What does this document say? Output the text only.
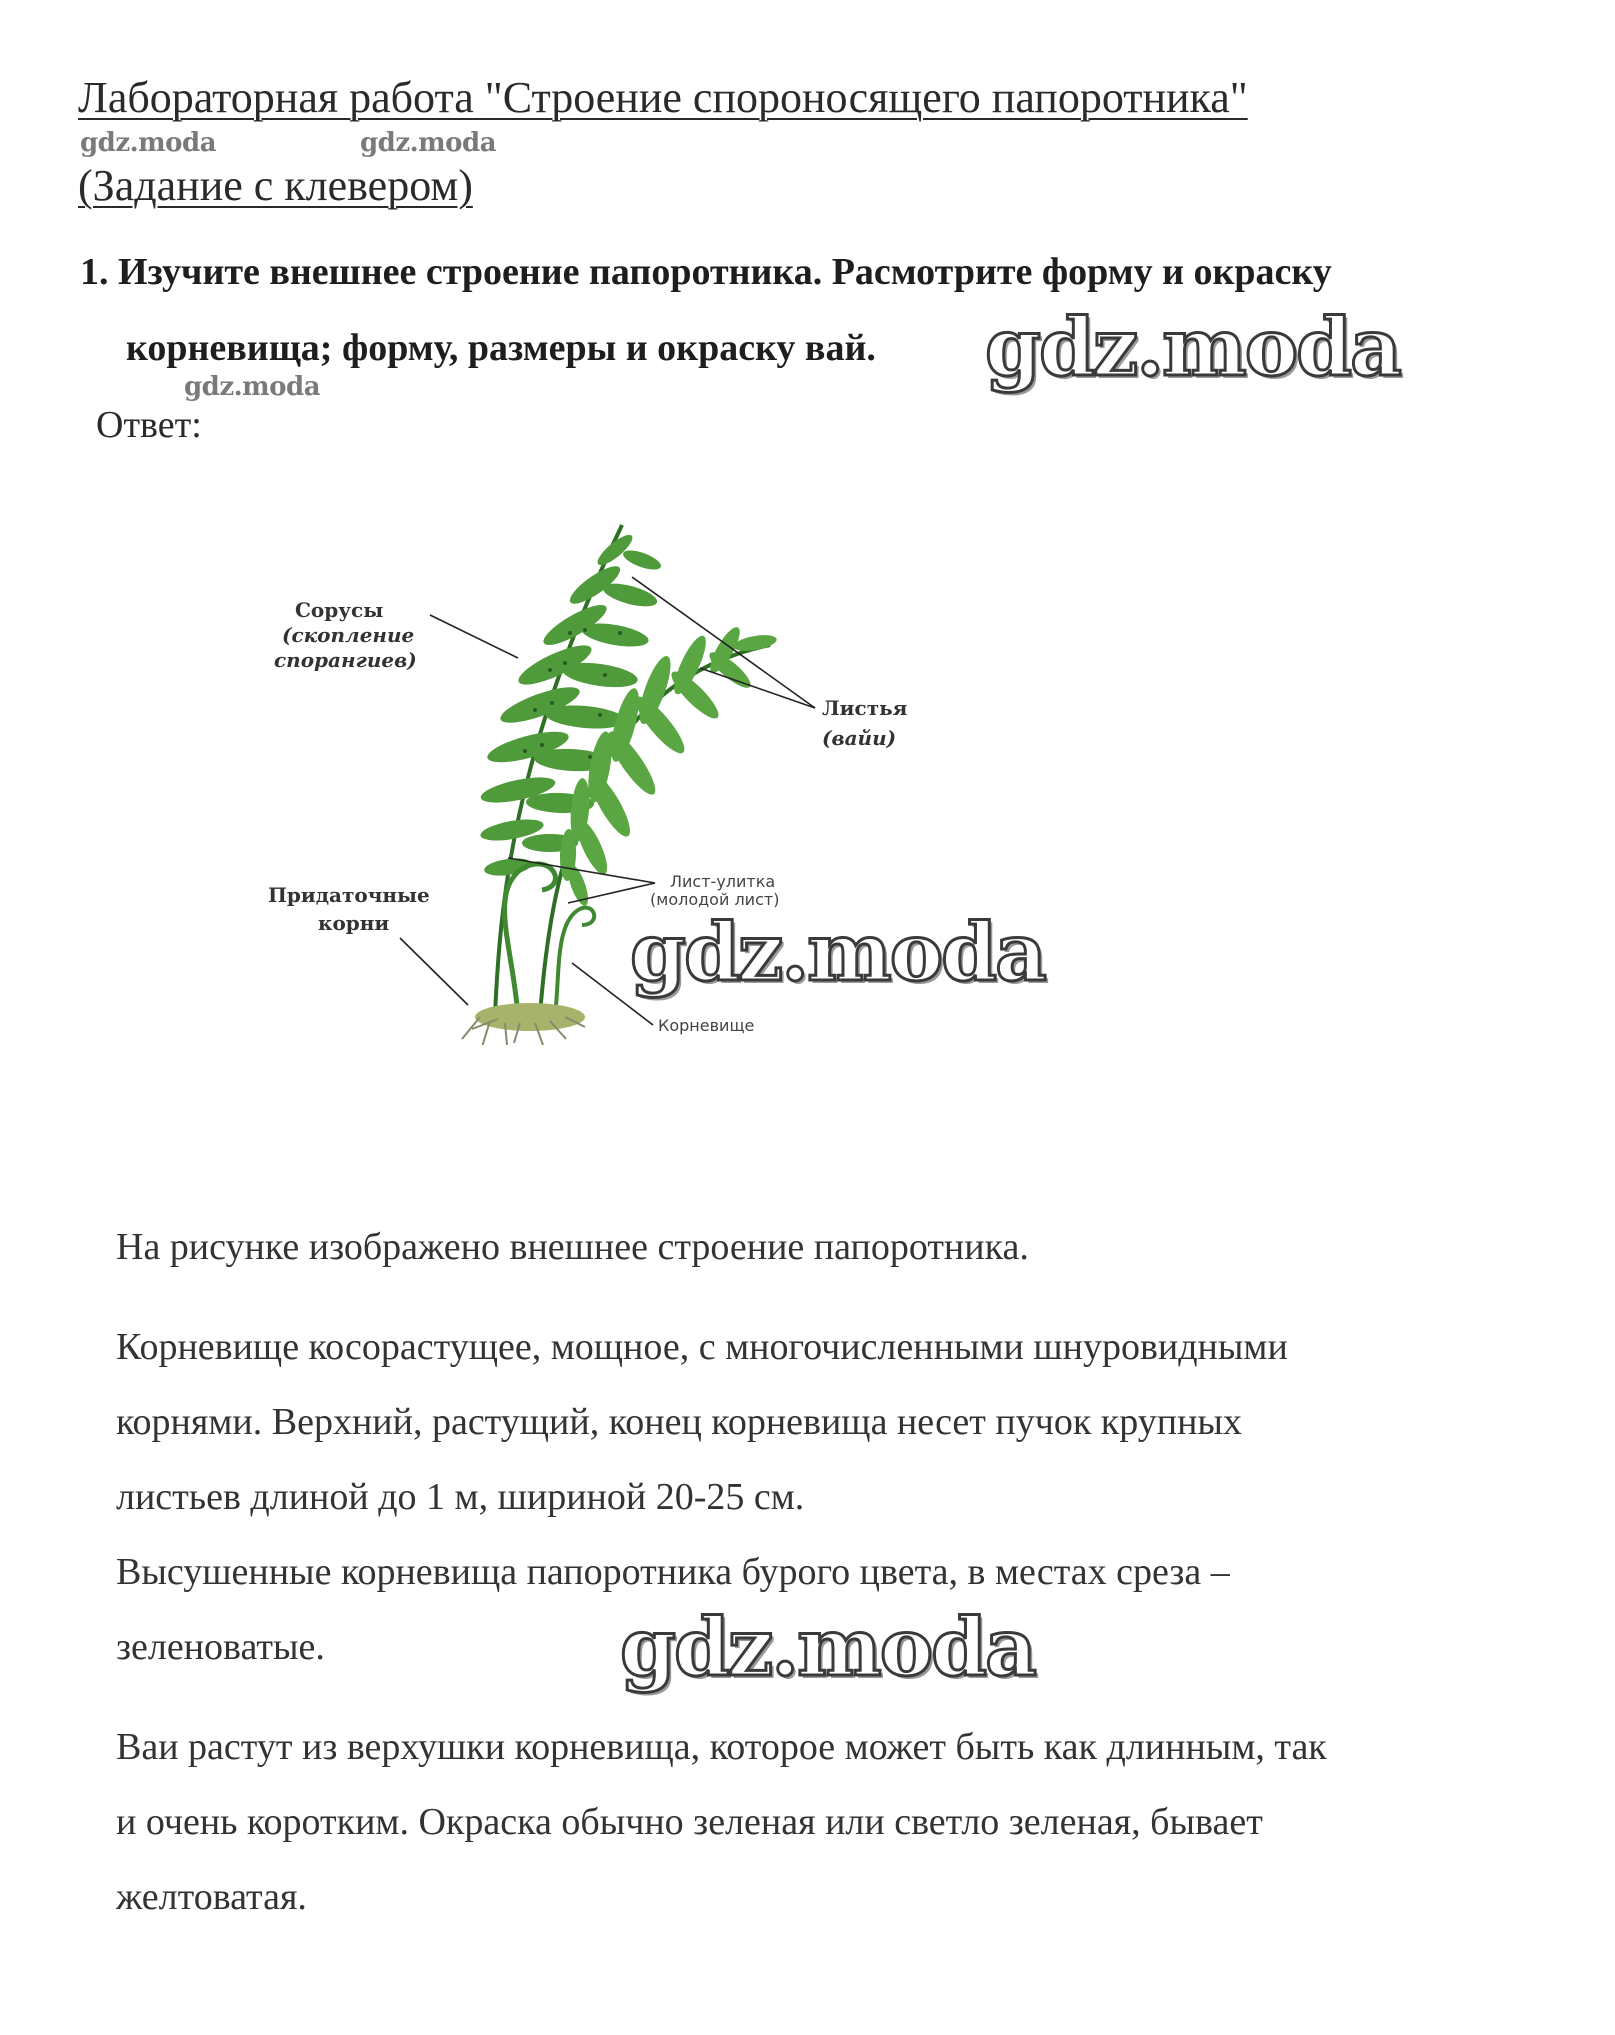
Лабораторная работа "Строение спороносящего папоротника"
gdz.moda	gdz.moda
(Задание с клевером)
1. Изучите внешнее строение папоротника. Расмотрите форму и окраску
корневища; форму, размеры и окраску вай. gdz.moda
gdz.moda
Ответ:
Сорусы
(скопление
спорангиев)
Листья
(вайи)
Лист-улитка
(молодой лист)
Придаточные
корни
Корневище
gdz.moda
На рисунке изображено внешнее строение папоротника.
Корневище косорастущее, мощное, с многочисленными шнуровидными
корнями. Верхний, растущий, конец корневища несет пучок крупных
листьев длиной до 1 м, шириной 20-25 см.
Высушенные корневища папоротника бурого цвета, в местах среза –
зеленоватые.	gdz.moda
Ваи растут из верхушки корневища, которое может быть как длинным, так
и очень коротким. Окраска обычно зеленая или светло зеленая, бывает
желтоватая.
